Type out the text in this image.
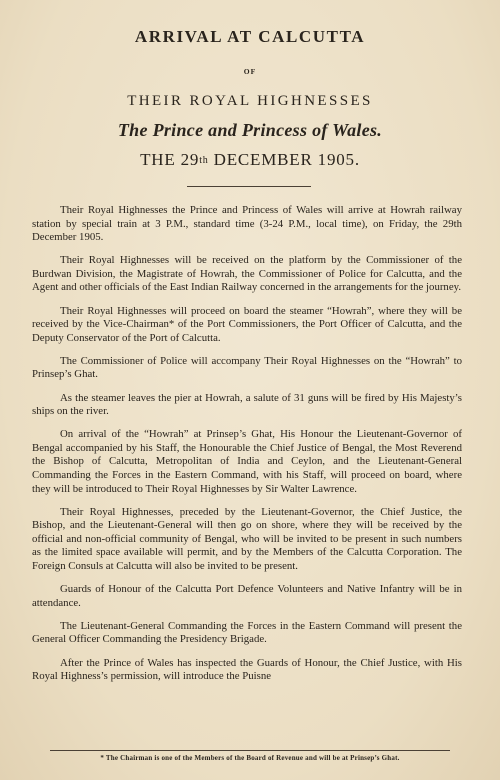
ARRIVAL AT CALCUTTA
OF
THEIR ROYAL HIGHNESSES
The Prince and Princess of Wales.
THE 29th DECEMBER 1905.

Their Royal Highnesses the Prince and Princess of Wales will arrive at Howrah railway station by special train at 3 P.M., standard time (3-24 P.M., local time), on Friday, the 29th December 1905.

Their Royal Highnesses will be received on the platform by the Commissioner of the Burdwan Division, the Magistrate of Howrah, the Commissioner of Police for Calcutta, and the Agent and other officials of the East Indian Railway concerned in the arrangements for the journey.

Their Royal Highnesses will proceed on board the steamer “Howrah”, where they will be received by the Vice-Chairman* of the Port Commissioners, the Port Officer of Calcutta, and the Deputy Conservator of the Port of Calcutta.

The Commissioner of Police will accompany Their Royal Highnesses on the “Howrah” to Prinsep’s Ghat.

As the steamer leaves the pier at Howrah, a salute of 31 guns will be fired by His Majesty’s ships on the river.

On arrival of the “Howrah” at Prinsep’s Ghat, His Honour the Lieutenant-Governor of Bengal accompanied by his Staff, the Honourable the Chief Justice of Bengal, the Most Reverend the Bishop of Calcutta, Metropolitan of India and Ceylon, and the Lieutenant-General Commanding the Forces in the Eastern Command, with his Staff, will proceed on board, where they will be introduced to Their Royal Highnesses by Sir Walter Lawrence.

Their Royal Highnesses, preceded by the Lieutenant-Governor, the Chief Justice, the Bishop, and the Lieutenant-General will then go on shore, where they will be received by the official and non-official community of Bengal, who will be invited to be present in such numbers as the limited space available will permit, and by the Members of the Calcutta Corporation. The Foreign Consuls at Calcutta will also be invited to be present.

Guards of Honour of the Calcutta Port Defence Volunteers and Native Infantry will be in attendance.

The Lieutenant-General Commanding the Forces in the Eastern Command will present the General Officer Commanding the Presidency Brigade.

After the Prince of Wales has inspected the Guards of Honour, the Chief Justice, with His Royal Highness’s permission, will introduce the Puisne

* The Chairman is one of the Members of the Board of Revenue and will be at Prinsep’s Ghat.
